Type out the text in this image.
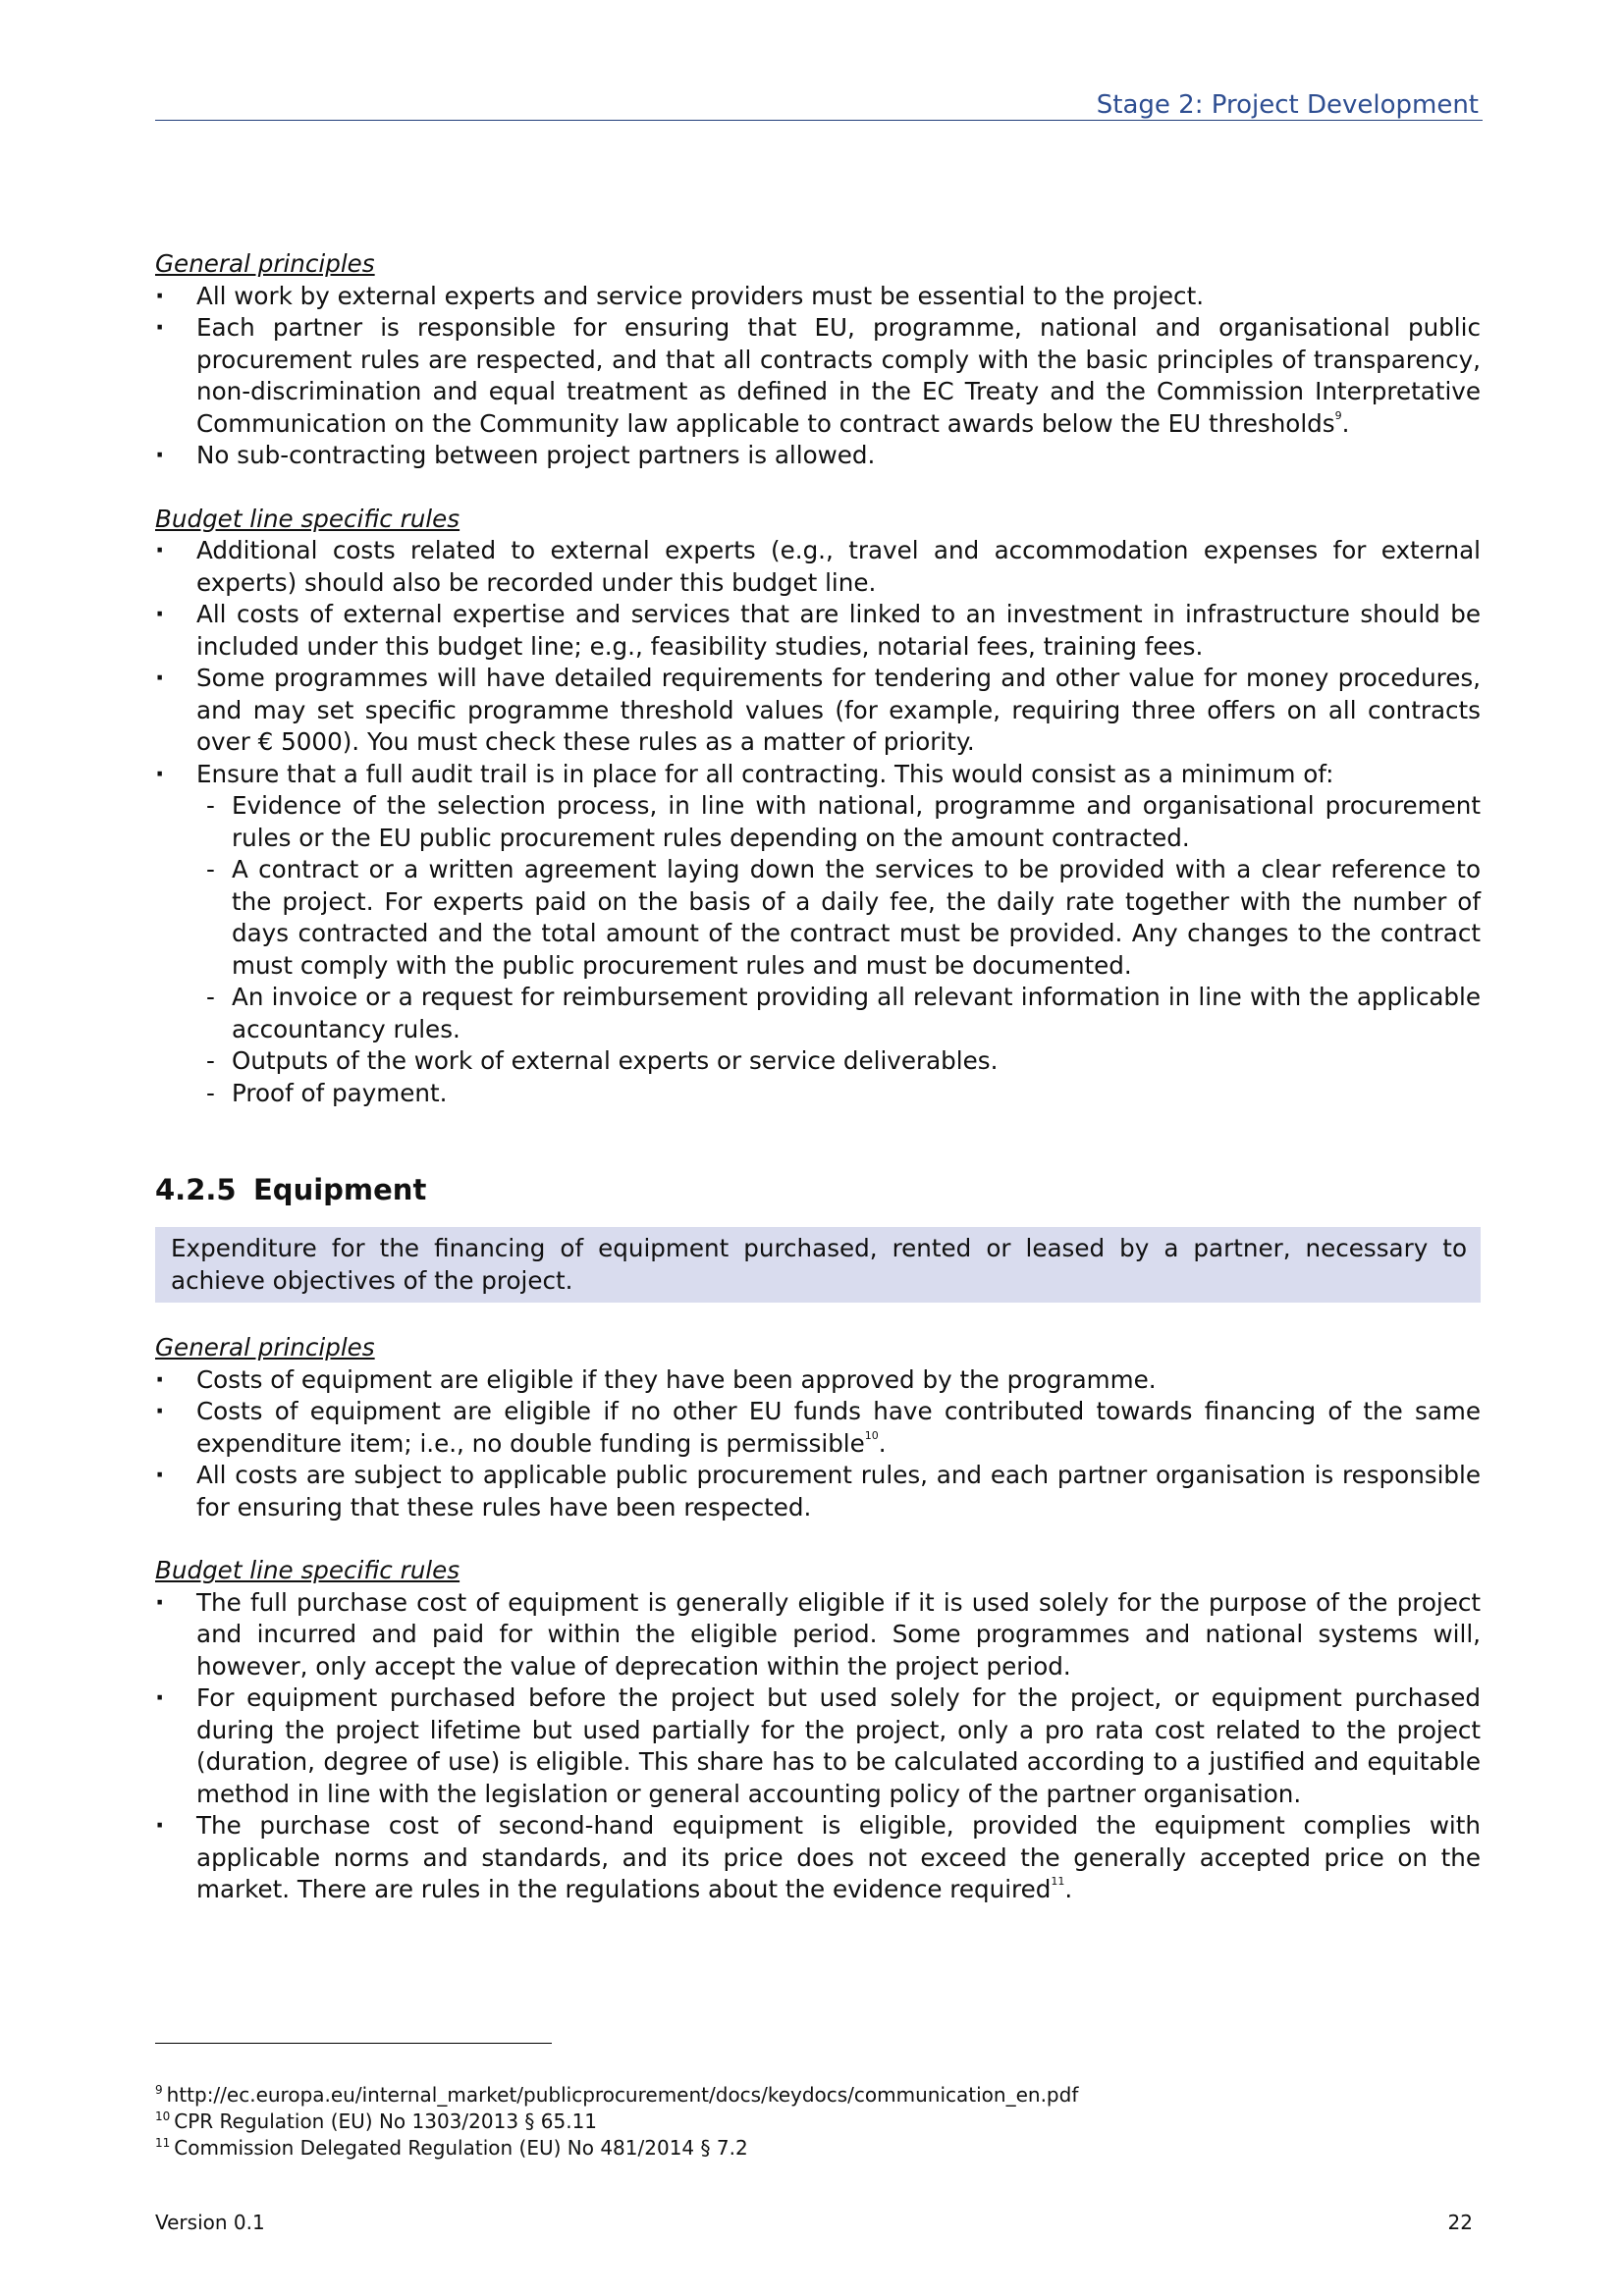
Stage 2: Project Development

General principles

· All work by external experts and service providers must be essential to the project.
· Each partner is responsible for ensuring that EU, programme, national and organisational public procurement rules are respected, and that all contracts comply with the basic principles of transparency, non-discrimination and equal treatment as defined in the EC Treaty and the Commission Interpretative Communication on the Community law applicable to contract awards below the EU thresholds$^9$.
· No sub-contracting between project partners is allowed.

Budget line specific rules

· Additional costs related to external experts (e.g., travel and accommodation expenses for external experts) should also be recorded under this budget line.
· All costs of external expertise and services that are linked to an investment in infrastructure should be included under this budget line; e.g., feasibility studies, notarial fees, training fees.
· Some programmes will have detailed requirements for tendering and other value for money procedures, and may set specific programme threshold values (for example, requiring three offers on all contracts over € 5000). You must check these rules as a matter of priority.
· Ensure that a full audit trail is in place for all contracting. This would consist as a minimum of:
- Evidence of the selection process, in line with national, programme and organisational procurement rules or the EU public procurement rules depending on the amount contracted.
- A contract or a written agreement laying down the services to be provided with a clear reference to the project. For experts paid on the basis of a daily fee, the daily rate together with the number of days contracted and the total amount of the contract must be provided. Any changes to the contract must comply with the public procurement rules and must be documented.
- An invoice or a request for reimbursement providing all relevant information in line with the applicable accountancy rules.
- Outputs of the work of external experts or service deliverables.
- Proof of payment.

4.2.5 Equipment

Expenditure for the financing of equipment purchased, rented or leased by a partner, necessary to achieve objectives of the project.

General principles

· Costs of equipment are eligible if they have been approved by the programme.
· Costs of equipment are eligible if no other EU funds have contributed towards financing of the same expenditure item; i.e., no double funding is permissible$^{10}$.
· All costs are subject to applicable public procurement rules, and each partner organisation is responsible for ensuring that these rules have been respected.

Budget line specific rules

· The full purchase cost of equipment is generally eligible if it is used solely for the purpose of the project and incurred and paid for within the eligible period. Some programmes and national systems will, however, only accept the value of deprecation within the project period.
· For equipment purchased before the project but used solely for the project, or equipment purchased during the project lifetime but used partially for the project, only a pro rata cost related to the project (duration, degree of use) is eligible. This share has to be calculated according to a justified and equitable method in line with the legislation or general accounting policy of the partner organisation.
· The purchase cost of second-hand equipment is eligible, provided the equipment complies with applicable norms and standards, and its price does not exceed the generally accepted price on the market. There are rules in the regulations about the evidence required$^{11}$.
$^9$ http://ec.europa.eu/internal_market/publicprocurement/docs/keydocs/communication_en.pdf
$^{10}$ CPR Regulation (EU) No 1303/2013 § 65.11
$^{11}$ Commission Delegated Regulation (EU) No 481/2014 § 7.2
Version 0.1	22
